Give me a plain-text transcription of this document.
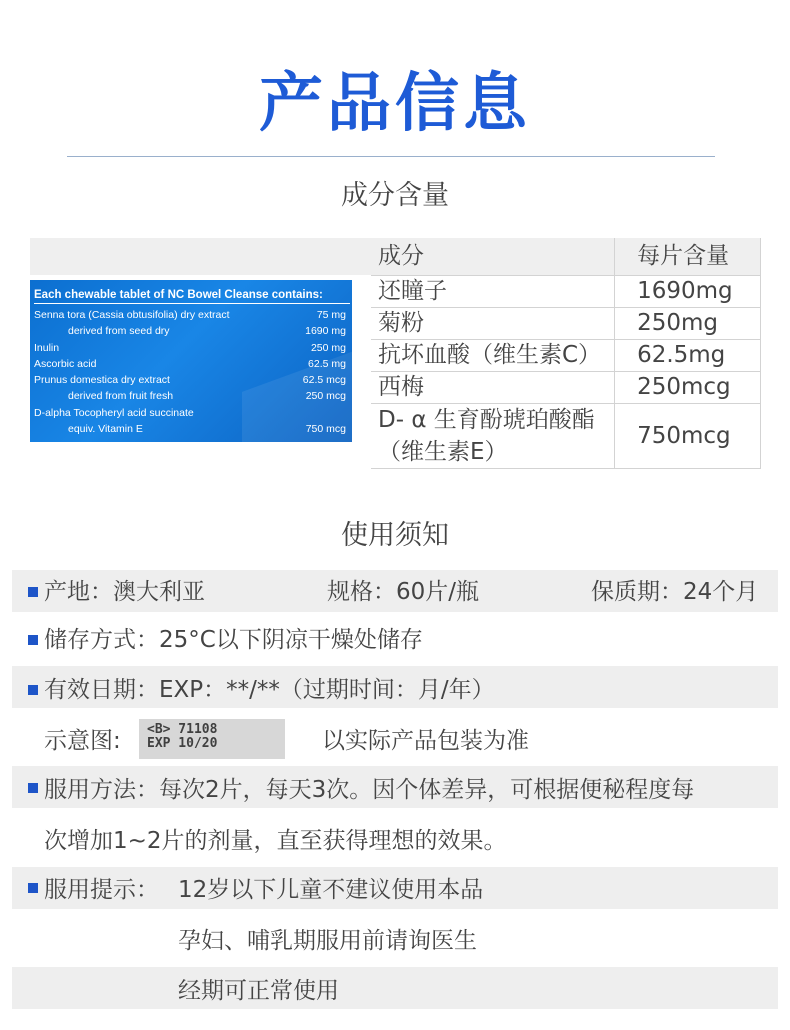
产品信息
成分含量
Each chewable tablet of NC Bowel Cleanse contains:
Senna tora (Cassia obtusifolia) dry extract	75 mg
derived from seed dry	1690 mg
Inulin	250 mg
Ascorbic acid	62.5 mg
Prunus domestica dry extract	62.5 mcg
derived from fruit fresh	250 mcg
D-alpha Tocopheryl acid succinate
equiv. Vitamin E	750 mcg
成分	每片含量
还瞳子	1690mg
菊粉	250mg
抗坏血酸（维生素C）	62.5mg
西梅	250mcg

D- α 生育酚琥珀酸酯
（维生素E）	750mcg
使用须知
产地：澳大利亚	规格：60片/瓶	保质期：24个月
储存方式：25°C以下阴凉干燥处储存
有效日期：EXP：**/**（过期时间：月/年）
示意图: <B> 71108
EXP 10/20	以实际产品包装为准
服用方法：每次2片，每天3次。因个体差异，可根据便秘程度每
次增加1~2片的剂量，直至获得理想的效果。
服用提示： 12岁以下儿童不建议使用本品
孕妇、哺乳期服用前请询医生
经期可正常使用
